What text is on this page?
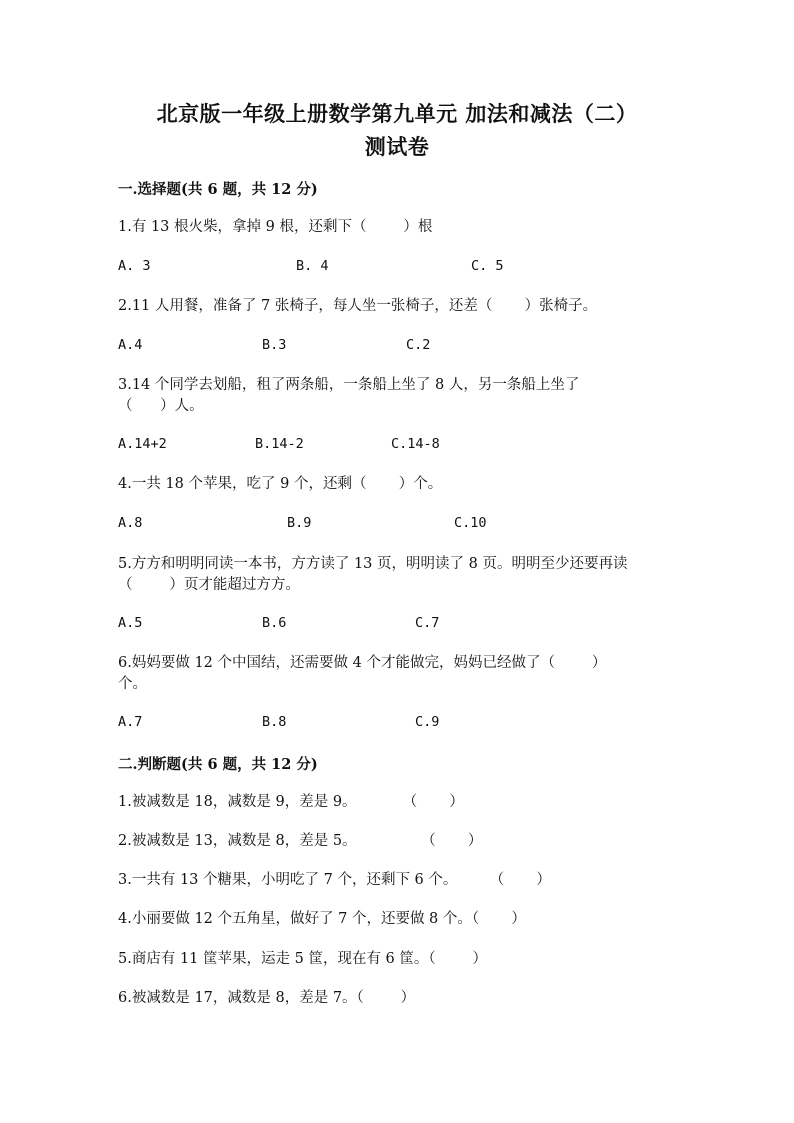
北京版一年级上册数学第九单元 加法和减法（二）
测试卷
一.选择题(共 6 题，共 12 分)
1.有 13 根火柴，拿掉 9 根，还剩下（        ）根
A. 3	B. 4	C. 5
2.11 人用餐，准备了 7 张椅子，每人坐一张椅子，还差（       ）张椅子。
A.4	B.3	C.2
3.14 个同学去划船，租了两条船，一条船上坐了 8 人，另一条船上坐了
（      ）人。
A.14+2	B.14-2	C.14-8
4.一共 18 个苹果，吃了 9 个，还剩（       ）个。
A.8	B.9	C.10
5.方方和明明同读一本书，方方读了 13 页，明明读了 8 页。明明至少还要再读
（        ）页才能超过方方。
A.5	B.6	C.7
6.妈妈要做 12 个中国结，还需要做 4 个才能做完，妈妈已经做了（        ）
个。
A.7	B.8	C.9
二.判断题(共 6 题，共 12 分)
1.被减数是 18，减数是 9，差是 9。          （       ）
2.被减数是 13，减数是 8，差是 5。              （       ）
3.一共有 13 个糖果，小明吃了 7 个，还剩下 6 个。       （       ）
4.小丽要做 12 个五角星，做好了 7 个，还要做 8 个。（       ）
5.商店有 11 筐苹果，运走 5 筐，现在有 6 筐。（        ）
6.被减数是 17，减数是 8，差是 7。（        ）
